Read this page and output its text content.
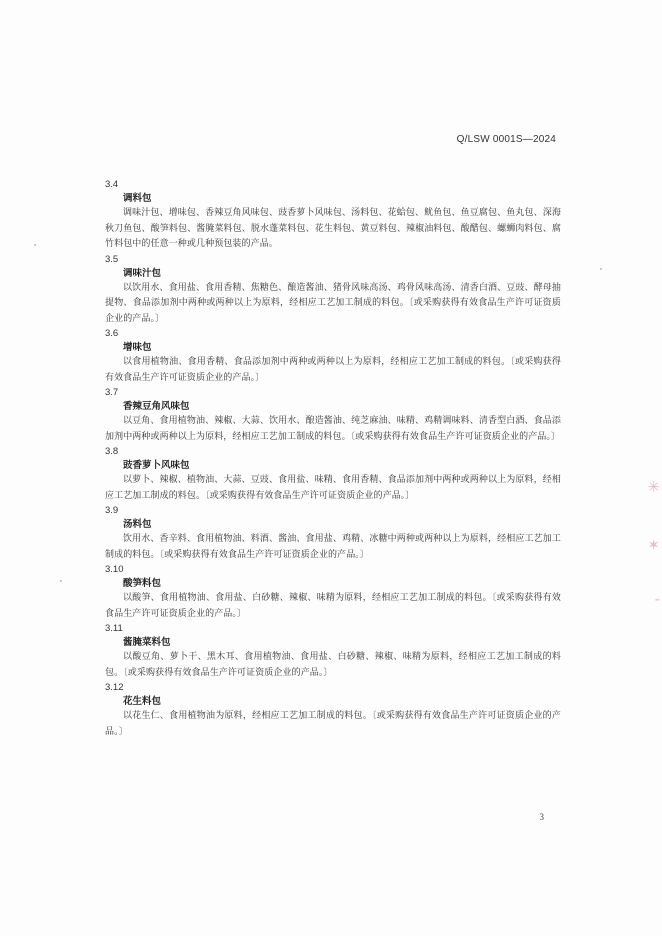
Q/LSW 0001S—2024
3.4
调料包
调味汁包、增味包、香辣豆角风味包、豉香萝卜风味包、汤料包、花蛤包、鱿鱼包、鱼豆腐包、鱼丸包、深海秋刀鱼包、酸笋料包、酱腌菜料包、脱水蓬菜料包、花生料包、黄豆料包、辣椒油料包、酸醋包、螺蛳肉料包、腐竹料包中的任意一种或几种预包装的产品。
3.5
调味汁包
以饮用水、食用盐、食用香精、焦糖色、酿造酱油、猪骨风味高汤、鸡骨风味高汤、清香白酒、豆豉、酵母抽提物、食品添加剂中两种或两种以上为原料，经相应工艺加工制成的料包。〔或采购获得有效食品生产许可证资质企业的产品。〕
3.6
增味包
以食用植物油、食用香精、食品添加剂中两种或两种以上为原料，经相应工艺加工制成的料包。〔或采购获得有效食品生产许可证资质企业的产品。〕
3.7
香辣豆角风味包
以豆角、食用植物油、辣椒、大蒜、饮用水、酿造酱油、纯芝麻油、味精、鸡精调味料、清香型白酒、食品添加剂中两种或两种以上为原料，经相应工艺加工制成的料包。〔或采购获得有效食品生产许可证资质企业的产品。〕
3.8
豉香萝卜风味包
以萝卜、辣椒、植物油、大蒜、豆豉、食用盐、味精、食用香精、食品添加剂中两种或两种以上为原料，经相应工艺加工制成的料包。〔或采购获得有效食品生产许可证资质企业的产品。〕
3.9
汤料包
饮用水、香辛料、食用植物油、料酒、酱油、食用盐、鸡精、冰糖中两种或两种以上为原料，经相应工艺加工制成的料包。〔或采购获得有效食品生产许可证资质企业的产品。〕
3.10
酸笋料包
以酸笋、食用植物油、食用盐、白砂糖、辣椒、味精为原料，经相应工艺加工制成的料包。〔或采购获得有效食品生产许可证资质企业的产品。〕
3.11
酱腌菜料包
以酸豆角、萝卜干、黑木耳、食用植物油、食用盐、白砂糖、辣椒、味精为原料，经相应工艺加工制成的料包。〔或采购获得有效食品生产许可证资质企业的产品。〕
3.12
花生料包
以花生仁、食用植物油为原料，经相应工艺加工制成的料包。〔或采购获得有效食品生产许可证资质企业的产品。〕
3
✳
✶
‐
